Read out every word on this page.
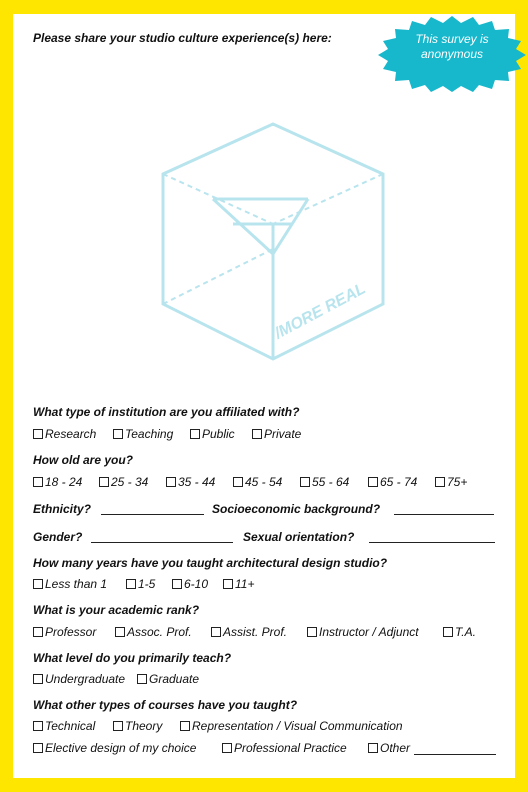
Please share your studio culture experience(s) here:
/MORE REAL
This survey is
anonymous
What type of institution are you affiliated with?
Research Teaching Public Private
How old are you?
18 - 24 25 - 34 35 - 44 45 - 54 55 - 64	65 - 74 75+
Ethnicity?	Socioeconomic background?
Gender?	Sexual orientation?
How many years have you taught architectural design studio?
Less than 1	1-5 6-10 11+
What is your academic rank?
Professor	Assoc. Prof.	Assist. Prof.	Instructor / Adjunct	T.A.
What level do you primarily teach?
Undergraduate Graduate
What other types of courses have you taught?
Technical Theory Representation / Visual Communication
Elective design of my choice	Professional Practice	Other
